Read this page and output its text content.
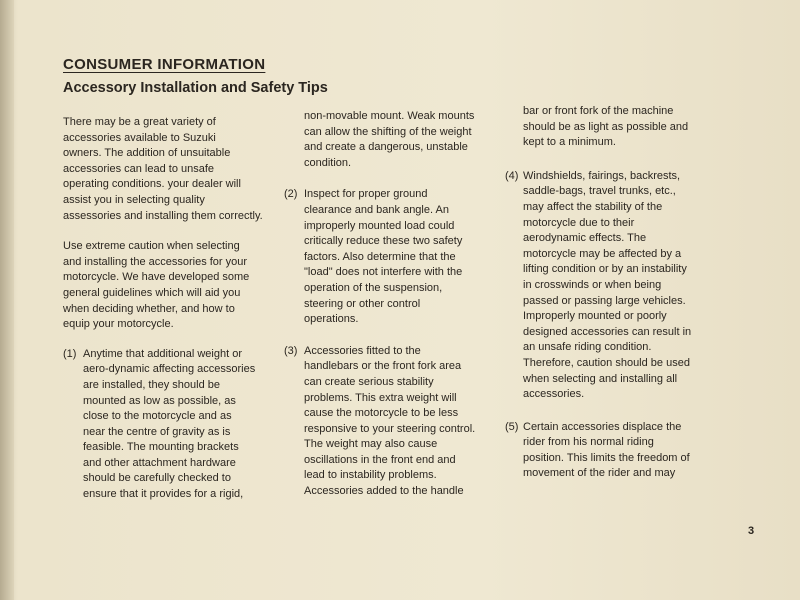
CONSUMER INFORMATION
Accessory Installation and Safety Tips

There may be a great variety of
accessories available to Suzuki
owners. The addition of unsuitable
accessories can lead to unsafe
operating conditions. your dealer will
assist you in selecting quality
assessories and installing them correctly.

Use extreme caution when selecting
and installing the accessories for your
motorcycle. We have developed some
general guidelines which will aid you
when deciding whether, and how to
equip your motorcycle.

(1) Anytime that additional weight or
aero-dynamic affecting accessories
are installed, they should be
mounted as low as possible, as
close to the motorcycle and as
near the centre of gravity as is
feasible. The mounting brackets
and other attachment hardware
should be carefully checked to
ensure that it provides for a rigid,

non-movable mount. Weak mounts
can allow the shifting of the weight
and create a dangerous, unstable
condition.

(2) Inspect for proper ground
clearance and bank angle. An
improperly mounted load could
critically reduce these two safety
factors. Also determine that the
"load" does not interfere with the
operation of the suspension,
steering or other control
operations.
(3) Accessories fitted to the
handlebars or the front fork area
can create serious stability
problems. This extra weight will
cause the motorcycle to be less
responsive to your steering control.
The weight may also cause
oscillations in the front end and
lead to instability problems.
Accessories added to the handle

bar or front fork of the machine
should be as light as possible and
kept to a minimum.

(4) Windshields, fairings, backrests,
saddle-bags, travel trunks, etc.,
may affect the stability of the
motorcycle due to their
aerodynamic effects. The
motorcycle may be affected by a
lifting condition or by an instability
in crosswinds or when being
passed or passing large vehicles.
Improperly mounted or poorly
designed accessories can result in
an unsafe riding condition.
Therefore, caution should be used
when selecting and installing all
accessories.
(5) Certain accessories displace the
rider from his normal riding
position. This limits the freedom of
movement of the rider and may
3
